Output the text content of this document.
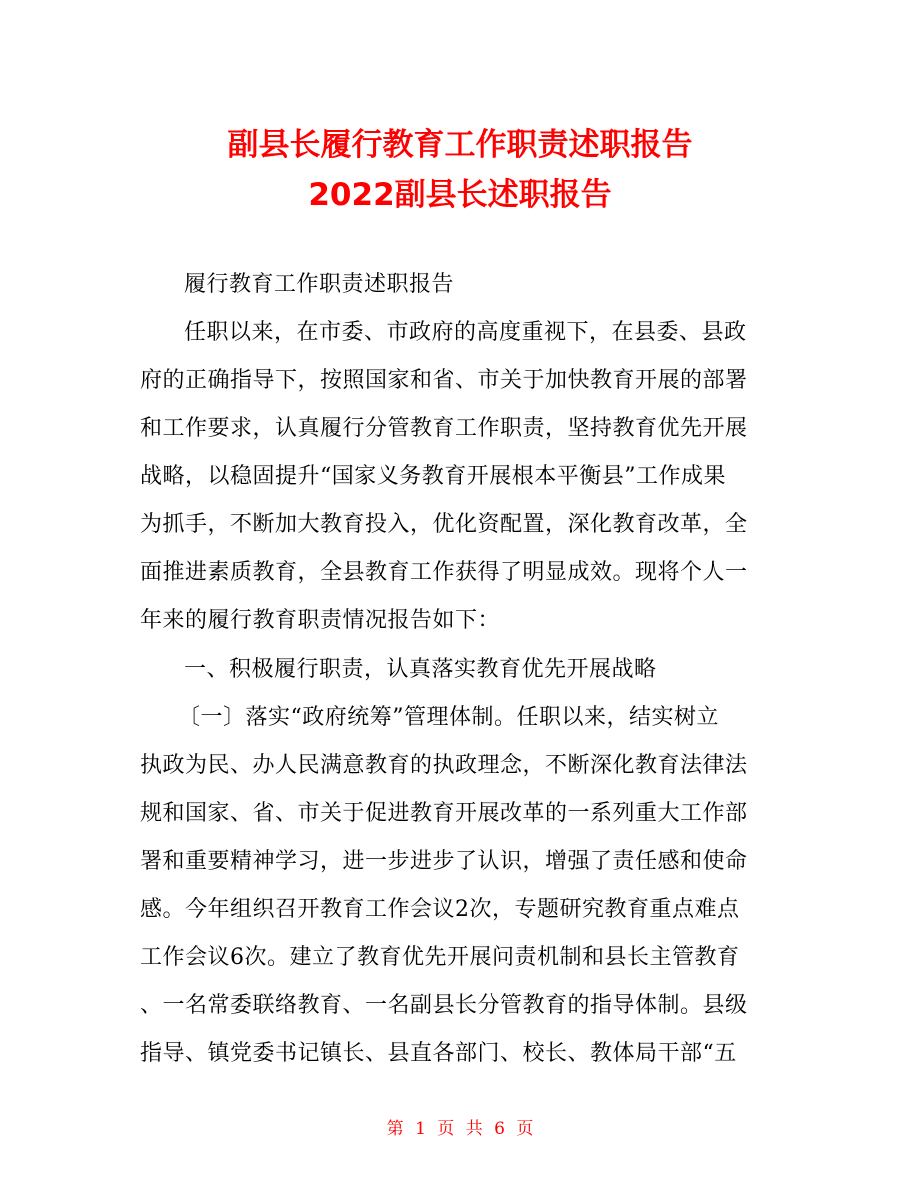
副县长履行教育工作职责述职报告
2022副县长述职报告
履行教育工作职责述职报告
任职以来，在市委、市政府的高度重视下，在县委、县政
府的正确指导下，按照国家和省、市关于加快教育开展的部署
和工作要求，认真履行分管教育工作职责，坚持教育优先开展
战略，以稳固提升“国家义务教育开展根本平衡县”工作成果
为抓手，不断加大教育投入，优化资配置，深化教育改革，全
面推进素质教育，全县教育工作获得了明显成效。现将个人一
年来的履行教育职责情况报告如下：
一、积极履行职责，认真落实教育优先开展战略
〔一〕落实“政府统筹”管理体制。任职以来，结实树立
执政为民、办人民满意教育的执政理念，不断深化教育法律法
规和国家、省、市关于促进教育开展改革的一系列重大工作部
署和重要精神学习，进一步进步了认识，增强了责任感和使命
感。今年组织召开教育工作会议2次，专题研究教育重点难点
工作会议6次。建立了教育优先开展问责机制和县长主管教育
、一名常委联络教育、一名副县长分管教育的指导体制。县级
指导、镇党委书记镇长、县直各部门、校长、教体局干部“五
第 1 页 共 6 页
